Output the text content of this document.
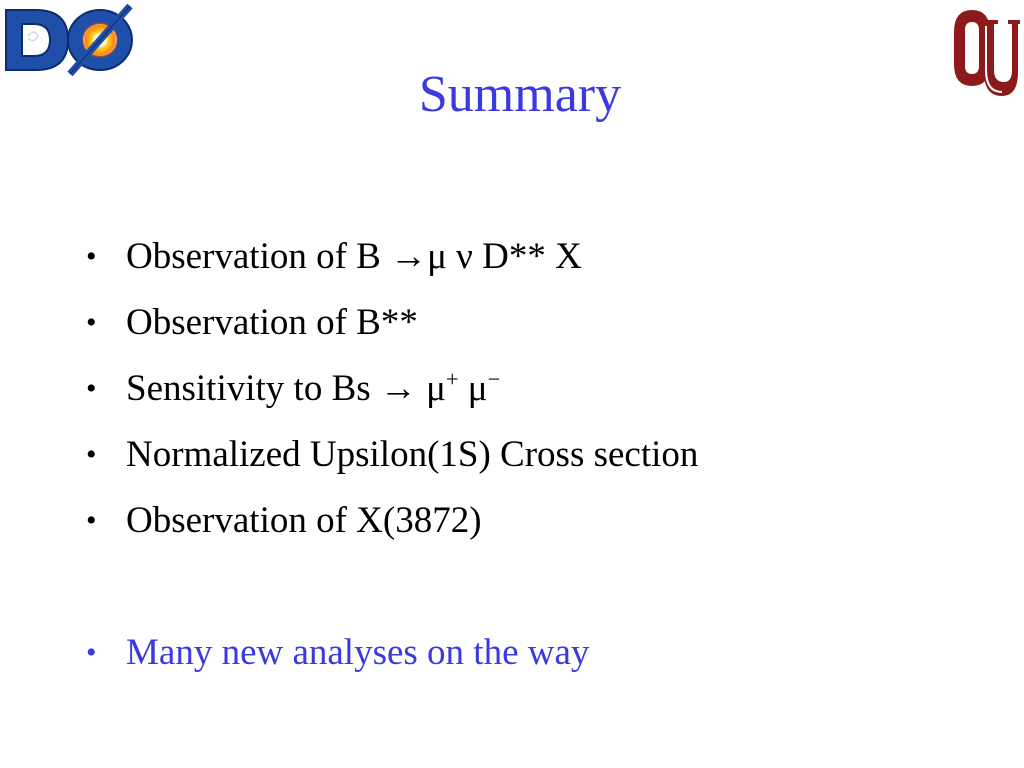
Summary
• Observation of B →μ ν D** X
• Observation of B**
• Sensitivity to Bs → μ+ μ−
• Normalized Upsilon(1S) Cross section
• Observation of X(3872)
• Many new analyses on the way
